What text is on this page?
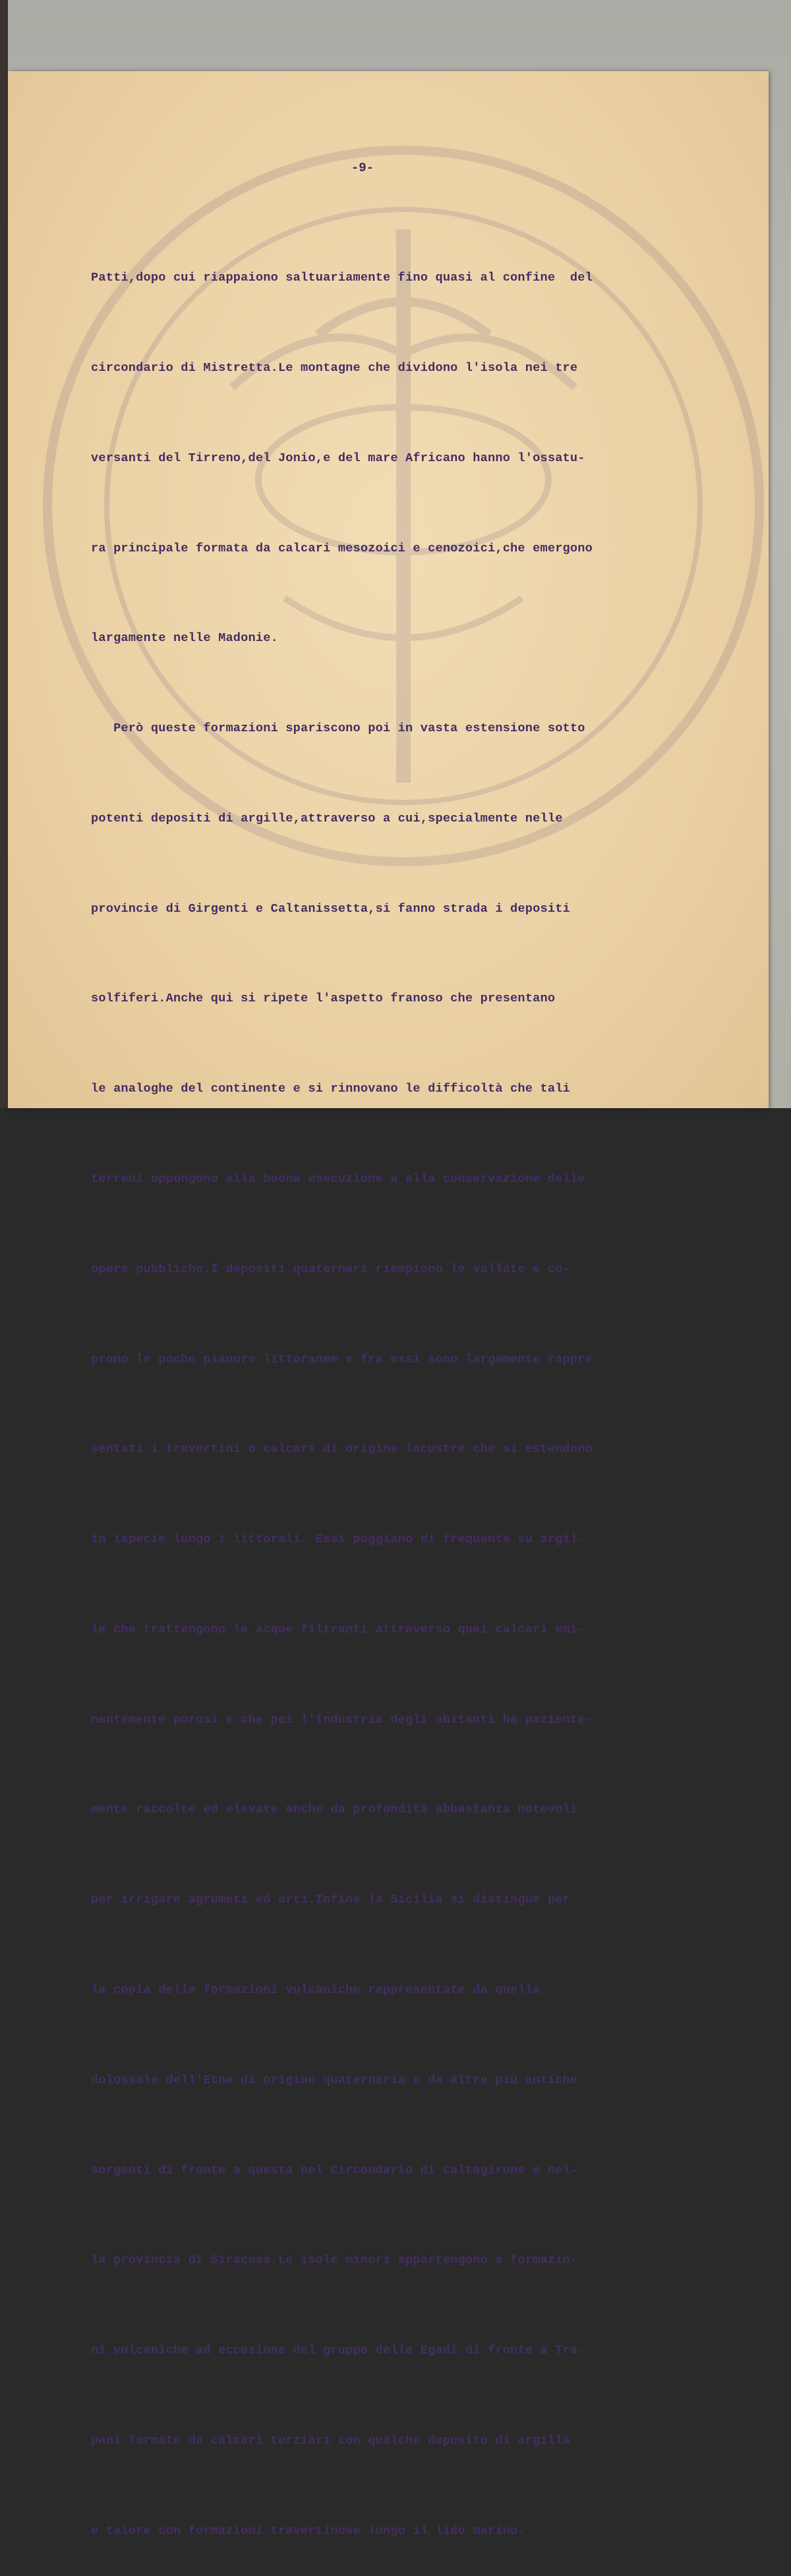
-9-

Patti,dopo cui riappaiono saltuariamente fino quasi al confine  del

circondario di Mistretta.Le montagne che dividono l'isola nei tre

versanti del Tirreno,del Jonio,e del mare Africano hanno l'ossatu-

ra principale formata da calcari mesozoici e cenozoici,che emergono

largamente nelle Madonie.

Però queste formazioni spariscono poi in vasta estensione sotto

potenti depositi di argille,attraverso a cui,specialmente nelle

provincie di Girgenti e Caltanissetta,si fanno strada i depositi

solfiferi.Anche qui si ripete l'aspetto franoso che presentano

le analoghe del continente e si rinnovano le difficoltà che tali

terreni oppongono alla buona esecuzione e alla conservazione delle

opere pubbliche.I depositi quaternari riempiono le vallate e co-

prono le poche pianure littoranee e fra essi sono largamente rappre

sentati i travertini o calcari di origine lacustre che si estendono

in ispecie lungo i littorali. Essi poggiano di frequente su argil-

le che trattengono le acque filtranti attraverso quei calcari emi-

nentemente porosi e che poi l'industria degli abitanti ha paziente-

mente raccolte ed elevate anche da profondità abbastanza notevoli

per irrigare agrumeti ed orti.Infine la Sicilia si distingue per

la copia delle formazioni vulcaniche rappresentate da quella

dolossale dell'Etna di origine quaternaria e da altre più antiche

sorgenti di fronte a questa nel Circondario di Caltagirone e nel-

la provincia di Siracusa.Le isole minori appartengono a formazio-

ni vulcaniche ad eccezione del gruppo delle Egadi di fronte a Tra-

pani formate da calcari terziari con qualche deposito di argilla

e talore con formazioni travertinose lungo il lido marino.
